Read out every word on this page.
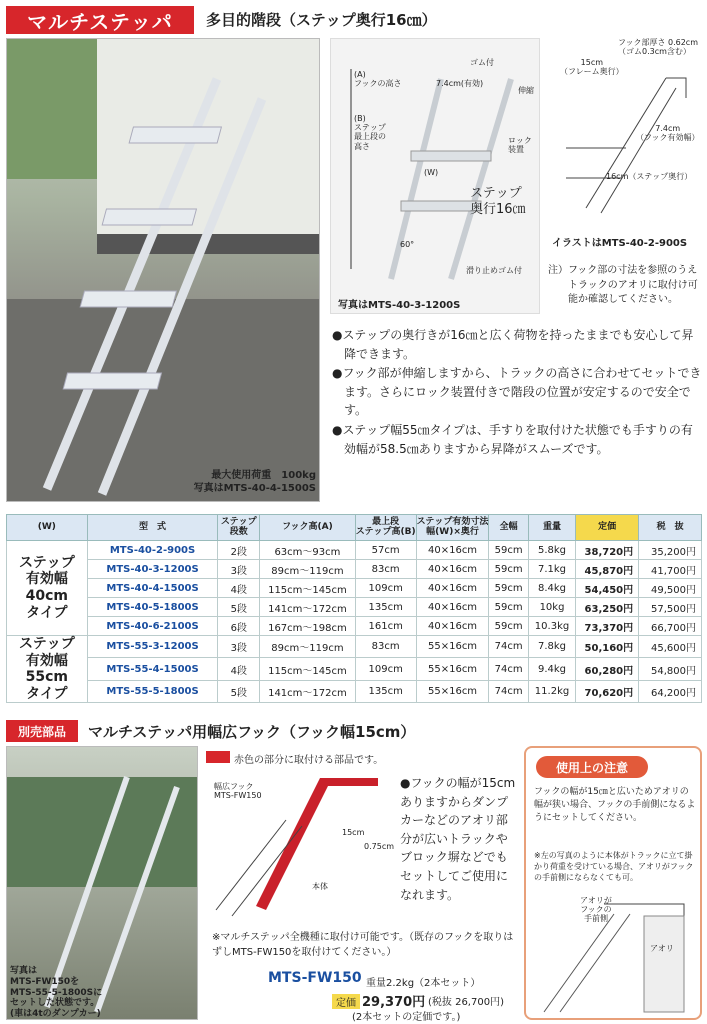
マルチステッパ	多目的階段（ステップ奥行16㎝）
最大使用荷重　100kg
写真はMTS-40-4-1500S
(A)
フックの高さ
(B)
ステップ
最上段の
高さ
ゴム付
7.4cm(有効)
伸縮
ロック
装置
(W)
ステップ
奥行16㎝
60°
滑り止めゴム付
写真はMTS-40-3-1200S
フック部厚さ 0.62cm
（ゴム0.3cm含む）
15cm
（フレーム奥行）
7.4cm
（フック有効幅）
16cm（ステップ奥行）
イラストはMTS-40-2-900S
注）フック部の寸法を参照のうえ
　　トラックのアオリに取付け可
　　能か確認してください。

●ステップの奥行きが16㎝と広く荷物を持ったままでも安心して昇降できます。

●フック部が伸縮しますから、トラックの高さに合わせてセットできます。さらにロック装置付きで階段の位置が安定するので安全です。

●ステップ幅55㎝タイプは、手すりを取付けた状態でも手すりの有効幅が58.5㎝ありますから昇降がスムーズです。

(W)	型　式	ステップ
段数	フック高(A)	最上段
ステップ高(B)	ステップ有効寸法
幅(W)×奥行	全幅	重量	定価	税　抜
ステップ
有効幅
40cm
タイプ	MTS-40-2-900S	2段	63cm～93cm	57cm	40×16cm	59cm	5.8kg	38,720円	35,200円
	MTS-40-3-1200S	3段	89cm～119cm	83cm	40×16cm	59cm	7.1kg	45,870円	41,700円
	MTS-40-4-1500S	4段	115cm～145cm	109cm	40×16cm	59cm	8.4kg	54,450円	49,500円
	MTS-40-5-1800S	5段	141cm～172cm	135cm	40×16cm	59cm	10kg	63,250円	57,500円
	MTS-40-6-2100S	6段	167cm～198cm	161cm	40×16cm	59cm	10.3kg	73,370円	66,700円
ステップ
有効幅
55cm
タイプ	MTS-55-3-1200S	3段	89cm～119cm	83cm	55×16cm	74cm	7.8kg	50,160円	45,600円
	MTS-55-4-1500S	4段	115cm～145cm	109cm	55×16cm	74cm	9.4kg	60,280円	54,800円
	MTS-55-5-1800S	5段	141cm～172cm	135cm	55×16cm	74cm	11.2kg	70,620円	64,200円
別売部品	マルチステッパ用幅広フック（フック幅15cm）
写真は
MTS-FW150を
MTS-55-5-1800Sに
セットした状態です。
(車は4tのダンプカー)
赤色の部分に取付ける部品です。
幅広フック
MTS-FW150
15cm
0.75cm
本体
●フックの幅が15cmありますからダンプカーなどのアオリ部分が広いトラックやブロック塀などでもセットしてご使用になれます。
※マルチステッパ全機種に取付け可能です。（既存のフックを取りはずしMTS-FW150を取付けてください。）
MTS-FW150 重量2.2kg（2本セット）
定価 29,370円 (税抜 26,700円)
(2本セットの定価です。)
使用上の注意
フックの幅が15㎝と広いためアオリの幅が狭い場合、フックの手前側になるようにセットしてください。
※左の写真のように本体がトラックに立て掛かり荷重を受けている場合、アオリがフックの手前側にならなくても可。
アオリが
フックの
手前側
アオリ
